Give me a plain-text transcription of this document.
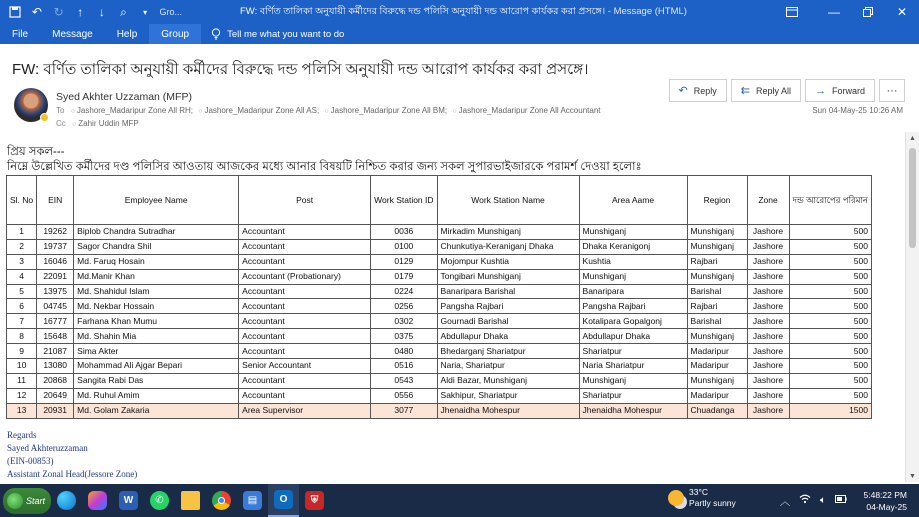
↶ ↻	↑	↓	⌕	▾	Gro...	FW: বর্ণিত তালিকা অনুযায়ী কর্মীদের বিরুদ্ধে দন্ড পলিসি অনুযায়ী দন্ড আরোপ কার্যকর করা প্রসঙ্গে। - Message (HTML)	—	✕
File	Message	Help	Group	Tell me what you want to do
FW: বর্ণিত তালিকা অনুযায়ী কর্মীদের বিরুদ্ধে দন্ড পলিসি অনুযায়ী দন্ড আরোপ কার্যকর করা প্রসঙ্গে।
Syed Akhter Uzzaman (MFP)
To ○ Jashore_Madaripur Zone All RH; ○ Jashore_Madaripur Zone All AS; ○ Jashore_Madaripur Zone All BM; ○ Jashore_Madaripur Zone All Accountant
Cc ○ Zahir Uddin MFP
Sun 04-May-25 10:26 AM
↶ Reply ⇇ Reply All → Forward	···
প্রিয় সকল---
নিম্নে উল্লেখিত কর্মীদের দণ্ড পলিসির আওতায় আজকের মধ্যে আনার বিষয়টি নিশ্চিত করার জন্য সকল সুপারভাইজারকে পরামর্শ দেওয়া হলোঃ
Sl. No	EIN	Employee Name	Post	Work Station ID	Work Station Name	Area Aame	Region	Zone	দন্ড আরোপের পরিমান
1	19262	Biplob Chandra Sutradhar	Accountant	0036	Mirkadim Munshiganj	Munshiganj	Munshiganj	Jashore	500
2	19737	Sagor Chandra Shil	Accountant	0100	Chunkutiya-Keraniganj Dhaka	Dhaka Keranigonj	Munshiganj	Jashore	500
3	16046	Md. Faruq Hosain	Accountant	0129	Mojompur Kushtia	Kushtia	Rajbari	Jashore	500
4	22091	Md.Manir Khan	Accountant (Probationary)	0179	Tongibari Munshiganj	Munshiganj	Munshiganj	Jashore	500
5	13975	Md. Shahidul Islam	Accountant	0224	Banaripara Barishal	Banaripara	Barishal	Jashore	500
6	04745	Md. Nekbar Hossain	Accountant	0256	Pangsha Rajbari	Pangsha Rajbari	Rajbari	Jashore	500
7	16777	Farhana Khan Mumu	Accountant	0302	Gournadi Barishal	Kotalipara Gopalgonj	Barishal	Jashore	500
8	15648	Md. Shahin Mia	Accountant	0375	Abdullapur Dhaka	Abdullapur Dhaka	Munshiganj	Jashore	500
9	21087	Sima Akter	Accountant	0480	Bhedarganj Shariatpur	Shariatpur	Madaripur	Jashore	500
10	13080	Mohammad Ali Ajgar Bepari	Senior Accountant	0516	Naria, Shariatpur	Naria Shariatpur	Madaripur	Jashore	500
11	20868	Sangita Rabi Das	Accountant	0543	Aldi Bazar, Munshiganj	Munshiganj	Munshiganj	Jashore	500
12	20649	Md. Ruhul Amim	Accountant	0556	Sakhipur, Shariatpur	Shariatpur	Madaripur	Jashore	500
13	20931	Md. Golam Zakaria	Area Supervisor	3077	Jhenaidha Mohespur	Jhenaidha Mohespur	Chuadanga	Jashore	1500
Regards
Sayed Akhteruzzaman
(EIN-00853)
Assistant Zonal Head(Jessore Zone)
▲
▼
Start	W	✆	▤	O	⛨
33°C
Partly sunny	︿	🔈︎	5:48:22 PM
04-May-25
